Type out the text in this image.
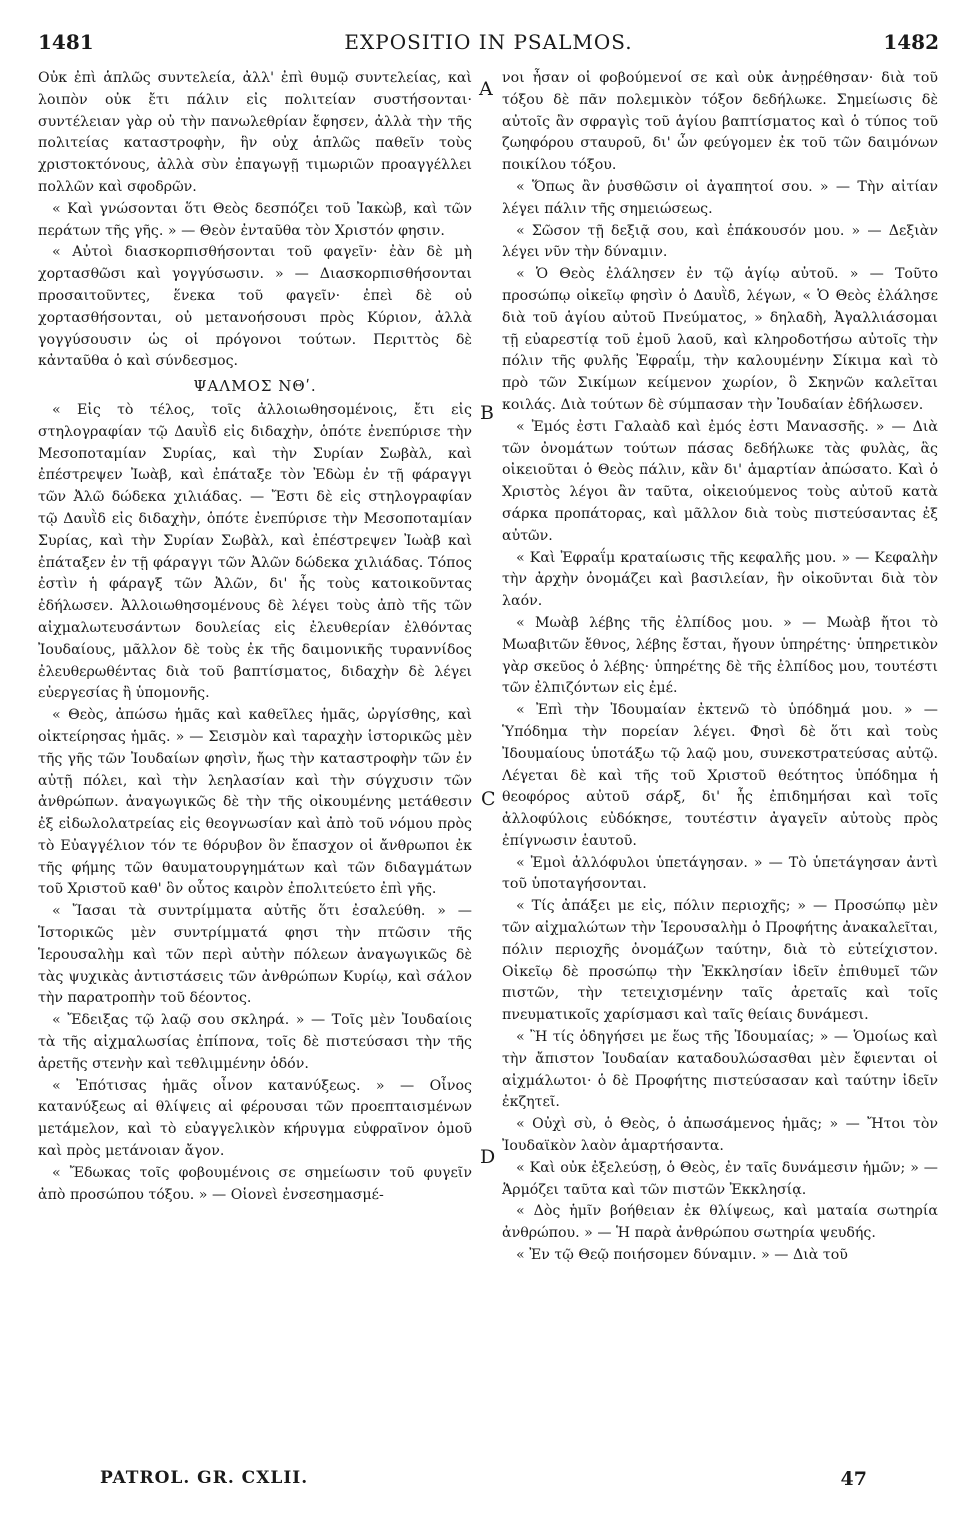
1481	EXPOSITIO IN PSALMOS.	1482

Οὐκ ἐπὶ ἁπλῶς συντελεία, ἀλλ' ἐπὶ θυμῷ συντελείας, καὶ λοιπὸν οὐκ ἔτι πάλιν εἰς πολιτείαν συστήσονται· συντέλειαν γὰρ οὐ τὴν πανωλεθρίαν ἔφησεν, ἀλλὰ τὴν τῆς πολιτείας καταστροφὴν, ἣν οὐχ ἁπλῶς παθεῖν τοὺς χριστοκτόνους, ἀλλὰ σὺν ἐπαγωγῇ τιμωριῶν προαγγέλλει πολλῶν καὶ σφοδρῶν.

« Καὶ γνώσονται ὅτι Θεὸς δεσπόζει τοῦ Ἰακὼβ, καὶ τῶν περάτων τῆς γῆς. » — Θεὸν ἐνταῦθα τὸν Χριστόν φησιν.

« Αὐτοὶ διασκορπισθήσονται τοῦ φαγεῖν· ἐὰν δὲ μὴ χορτασθῶσι καὶ γογγύσωσιν. » — Διασκορπισθήσονται προσαιτοῦντες, ἕνεκα τοῦ φαγεῖν· ἐπεὶ δὲ οὐ χορτασθήσονται, οὐ μετανοήσουσι πρὸς Κύριον, ἀλλὰ γογγύσουσιν ὡς οἱ πρόγονοι τούτων. Περιττὸς δὲ κἀνταῦθα ὁ καὶ σύνδεσμος.

ΨΑΛΜΟΣ ΝΘʹ.

« Εἰς τὸ τέλος, τοῖς ἀλλοιωθησομένοις, ἔτι εἰς στηλογραφίαν τῷ Δαυῒδ εἰς διδαχὴν, ὁπότε ἐνεπύρισε τὴν Μεσοποταμίαν Συρίας, καὶ τὴν Συρίαν Σωβὰλ, καὶ ἐπέστρεψεν Ἰωὰβ, καὶ ἐπάταξε τὸν Ἐδὼμ ἐν τῇ φάραγγι τῶν Ἀλῶ δώδεκα χιλιάδας. — Ἔστι δὲ εἰς στηλογραφίαν τῷ Δαυῒδ εἰς διδαχὴν, ὁπότε ἐνεπύρισε τὴν Μεσοποταμίαν Συρίας, καὶ τὴν Συρίαν Σωβὰλ, καὶ ἐπέστρεψεν Ἰωὰβ καὶ ἐπάταξεν ἐν τῇ φάραγγι τῶν Ἀλῶν δώδεκα χιλιάδας. Τόπος ἐστὶν ἡ φάραγξ τῶν Ἀλῶν, δι' ἧς τοὺς κατοικοῦντας ἐδήλωσεν. Ἀλλοιωθησομένους δὲ λέγει τοὺς ἀπὸ τῆς τῶν αἰχμαλωτευσάντων δουλείας εἰς ἐλευθερίαν ἐλθόντας Ἰουδαίους, μᾶλλον δὲ τοὺς ἐκ τῆς δαιμονικῆς τυραννίδος ἐλευθερωθέντας διὰ τοῦ βαπτίσματος, διδαχὴν δὲ λέγει εὐεργεσίας ἢ ὑπομονῆς.

« Θεὸς, ἀπώσω ἡμᾶς καὶ καθεῖλες ἡμᾶς, ὠργίσθης, καὶ οἰκτείρησας ἡμᾶς. » — Σεισμὸν καὶ ταραχὴν ἱστορικῶς μὲν τῆς γῆς τῶν Ἰουδαίων φησὶν, ἤως τὴν καταστροφὴν τῶν ἐν αὐτῇ πόλει, καὶ τὴν λεηλασίαν καὶ τὴν σύγχυσιν τῶν ἀνθρώπων. ἀναγωγικῶς δὲ τὴν τῆς οἰκουμένης μετάθεσιν ἐξ εἰδωλολατρείας εἰς θεογνωσίαν καὶ ἀπὸ τοῦ νόμου πρὸς τὸ Εὐαγγέλιον τόν τε θόρυβον ὃν ἔπασχον οἱ ἄνθρωποι ἐκ τῆς φήμης τῶν θαυματουργημάτων καὶ τῶν διδαγμάτων τοῦ Χριστοῦ καθ' ὃν οὗτος καιρὸν ἐπολιτεύετο ἐπὶ γῆς.

« Ἴασαι τὰ συντρίμματα αὐτῆς ὅτι ἐσαλεύθη. » — Ἱστορικῶς μὲν συντρίμματά φησι τὴν πτῶσιν τῆς Ἱερουσαλὴμ καὶ τῶν περὶ αὐτὴν πόλεων ἀναγωγικῶς δὲ τὰς ψυχικὰς ἀντιστάσεις τῶν ἀνθρώπων Κυρίῳ, καὶ σάλον τὴν παρατροπὴν τοῦ δέοντος.

« Ἔδειξας τῷ λαῷ σου σκληρά. » — Τοῖς μὲν Ἰουδαίοις τὰ τῆς αἰχμαλωσίας ἐπίπονα, τοῖς δὲ πιστεύσασι τὴν τῆς ἀρετῆς στενὴν καὶ τεθλιμμένην ὁδόν.

« Ἐπότισας ἡμᾶς οἶνον κατανύξεως. » — Οἶνος κατανύξεως αἱ θλίψεις αἱ φέρουσαι τῶν προεπταισμένων μετάμελον, καὶ τὸ εὐαγγελικὸν κήρυγμα εὐφραῖνον ὁμοῦ καὶ πρὸς μετάνοιαν ἄγον.

« Ἔδωκας τοῖς φοβουμένοις σε σημείωσιν τοῦ φυγεῖν ἀπὸ προσώπου τόξου. » — Οἱονεὶ ἐνσεσημασμέ-

A
B
C
D

νοι ἦσαν οἱ φοβούμενοί σε καὶ οὐκ ἀνῃρέθησαν· διὰ τοῦ τόξου δὲ πᾶν πολεμικὸν τόξον δεδήλωκε. Σημείωσις δὲ αὐτοῖς ἂν σφραγὶς τοῦ ἁγίου βαπτίσματος καὶ ὁ τύπος τοῦ ζωηφόρου σταυροῦ, δι' ὧν φεύγομεν ἐκ τοῦ τῶν δαιμόνων ποικίλου τόξου.

« Ὅπως ἂν ῥυσθῶσιν οἱ ἀγαπητοί σου. » — Τὴν αἰτίαν λέγει πάλιν τῆς σημειώσεως.

« Σῶσον τῇ δεξιᾷ σου, καὶ ἐπάκουσόν μου. » — Δεξιὰν λέγει νῦν τὴν δύναμιν.

« Ὁ Θεὸς ἐλάλησεν ἐν τῷ ἁγίῳ αὐτοῦ. » — Τοῦτο προσώπῳ οἰκεῖῳ φησὶν ὁ Δαυῒδ, λέγων, « Ὁ Θεὸς ἐλάλησε διὰ τοῦ ἁγίου αὐτοῦ Πνεύματος, » δηλαδὴ, Ἀγαλλιάσομαι τῇ εὐαρεστίᾳ τοῦ ἐμοῦ λαοῦ, καὶ κληροδοτήσω αὐτοῖς τὴν πόλιν τῆς φυλῆς Ἐφραΐμ, τὴν καλουμένην Σίκιμα καὶ τὸ πρὸ τῶν Σικίμων κείμενον χωρίον, ὃ Σκηνῶν καλεῖται κοιλάς. Διὰ τούτων δὲ σύμπασαν τὴν Ἰουδαίαν ἐδήλωσεν.

« Ἐμός ἐστι Γαλαὰδ καὶ ἐμός ἐστι Μανασσῆς. » — Διὰ τῶν ὀνομάτων τούτων πάσας δεδήλωκε τὰς φυλὰς, ἃς οἰκειοῦται ὁ Θεὸς πάλιν, κἂν δι' ἁμαρτίαν ἀπώσατο. Καὶ ὁ Χριστὸς λέγοι ἂν ταῦτα, οἰκειούμενος τοὺς αὐτοῦ κατὰ σάρκα προπάτορας, καὶ μᾶλλον διὰ τοὺς πιστεύσαντας ἐξ αὐτῶν.

« Καὶ Ἐφραΐμ κραταίωσις τῆς κεφαλῆς μου. » — Κεφαλὴν τὴν ἀρχὴν ὀνομάζει καὶ βασιλείαν, ἣν οἰκοῦνται διὰ τὸν λαόν.

« Μωὰβ λέβης τῆς ἐλπίδος μου. » — Μωὰβ ἤτοι τὸ Μωαβιτῶν ἔθνος, λέβης ἔσται, ἤγουν ὑπηρέτης· ὑπηρετικὸν γὰρ σκεῦος ὁ λέβης· ὑπηρέτης δὲ τῆς ἐλπίδος μου, τουτέστι τῶν ἐλπιζόντων εἰς ἐμέ.

« Ἐπὶ τὴν Ἰδουμαίαν ἐκτενῶ τὸ ὑπόδημά μου. » — Ὑπόδημα τὴν πορείαν λέγει. Φησὶ δὲ ὅτι καὶ τοὺς Ἰδουμαίους ὑποτάξω τῷ λαῷ μου, συνεκστρατεύσας αὐτῷ. Λέγεται δὲ καὶ τῆς τοῦ Χριστοῦ θεότητος ὑπόδημα ἡ θεοφόρος αὐτοῦ σάρξ, δι' ἧς ἐπιδημήσαι καὶ τοῖς ἀλλοφύλοις εὐδόκησε, τουτέστιν ἀγαγεῖν αὐτοὺς πρὸς ἐπίγνωσιν ἑαυτοῦ.

« Ἐμοὶ ἀλλόφυλοι ὑπετάγησαν. » — Τὸ ὑπετάγησαν ἀντὶ τοῦ ὑποταγήσονται.

« Τίς ἀπάξει με εἰς, πόλιν περιοχῆς; » — Προσώπῳ μὲν τῶν αἰχμαλώτων τὴν Ἱερουσαλὴμ ὁ Προφήτης ἀνακαλεῖται, πόλιν περιοχῆς ὀνομάζων ταύτην, διὰ τὸ εὐτείχιστον. Οἰκεῖῳ δὲ προσώπῳ τὴν Ἐκκλησίαν ἰδεῖν ἐπιθυμεῖ τῶν πιστῶν, τὴν τετειχισμένην ταῖς ἀρεταῖς καὶ τοῖς πνευματικοῖς χαρίσμασι καὶ ταῖς θείαις δυνάμεσι.

« Ἢ τίς ὁδηγήσει με ἕως τῆς Ἰδουμαίας; » — Ὁμοίως καὶ τὴν ἄπιστον Ἰουδαίαν καταδουλώσασθαι μὲν ἔφιενται οἱ αἰχμάλωτοι· ὁ δὲ Προφήτης πιστεύσασαν καὶ ταύτην ἰδεῖν ἐκζητεῖ.

« Οὐχὶ σὺ, ὁ Θεὸς, ὁ ἀπωσάμενος ἡμᾶς; » — Ἤτοι τὸν Ἰουδαϊκὸν λαὸν ἁμαρτήσαντα.

« Καὶ οὐκ ἐξελεύσῃ, ὁ Θεὸς, ἐν ταῖς δυνάμεσιν ἡμῶν; » — Ἁρμόζει ταῦτα καὶ τῶν πιστῶν Ἐκκλησίᾳ.

« Δὸς ἡμῖν βοήθειαν ἐκ θλίψεως, καὶ ματαία σωτηρία ἀνθρώπου. » — Ἡ παρὰ ἀνθρώπου σωτηρία ψευδής.

« Ἐν τῷ Θεῷ ποιήσομεν δύναμιν. » — Διὰ τοῦ

PATROL. GR. CXLII.	47
